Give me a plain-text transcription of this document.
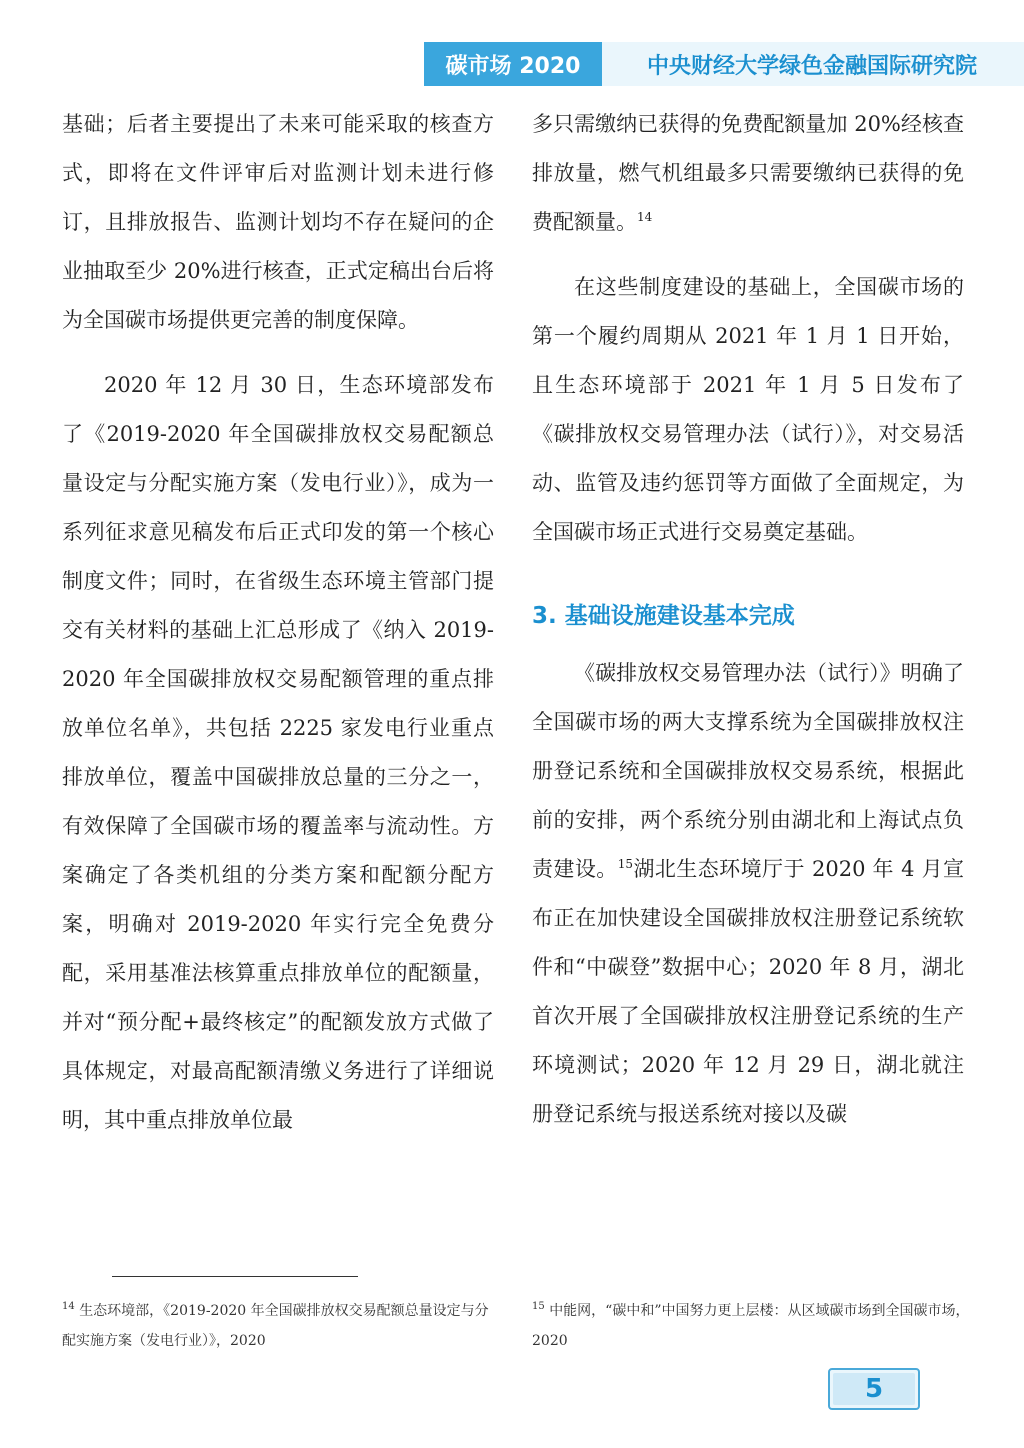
碳市场 2020	中央财经大学绿色金融国际研究院

基础；后者主要提出了未来可能采取的核查方式，即将在文件评审后对监测计划未进行修订，且排放报告、监测计划均不存在疑问的企业抽取至少 20%进行核查，正式定稿出台后将为全国碳市场提供更完善的制度保障。

2020 年 12 月 30 日，生态环境部发布了《2019-2020 年全国碳排放权交易配额总量设定与分配实施方案（发电行业）》，成为一系列征求意见稿发布后正式印发的第一个核心制度文件；同时，在省级生态环境主管部门提交有关材料的基础上汇总形成了《纳入 2019-2020 年全国碳排放权交易配额管理的重点排放单位名单》，共包括 2225 家发电行业重点排放单位，覆盖中国碳排放总量的三分之一，有效保障了全国碳市场的覆盖率与流动性。方案确定了各类机组的分类方案和配额分配方案，明确对 2019-2020 年实行完全免费分配，采用基准法核算重点排放单位的配额量，并对“预分配+最终核定”的配额发放方式做了具体规定，对最高配额清缴义务进行了详细说明，其中重点排放单位最

多只需缴纳已获得的免费配额量加 20%经核查排放量，燃气机组最多只需要缴纳已获得的免费配额量。$^{14}$

在这些制度建设的基础上，全国碳市场的第一个履约周期从 2021 年 1 月 1 日开始，且生态环境部于 2021 年 1 月 5 日发布了《碳排放权交易管理办法（试行）》，对交易活动、监管及违约惩罚等方面做了全面规定，为全国碳市场正式进行交易奠定基础。

3. 基础设施建设基本完成

《碳排放权交易管理办法（试行）》明确了全国碳市场的两大支撑系统为全国碳排放权注册登记系统和全国碳排放权交易系统，根据此前的安排，两个系统分别由湖北和上海试点负责建设。$^{15}$湖北生态环境厅于 2020 年 4 月宣布正在加快建设全国碳排放权注册登记系统软件和“中碳登”数据中心；2020 年 8 月，湖北首次开展了全国碳排放权注册登记系统的生产环境测试；2020 年 12 月 29 日，湖北就注册登记系统与报送系统对接以及碳

$^{14}$ 生态环境部，《2019-2020 年全国碳排放权交易配额总量设定与分配实施方案（发电行业）》，2020
$^{15}$ 中能网，“碳中和”中国努力更上层楼：从区域碳市场到全国碳市场，2020
5
